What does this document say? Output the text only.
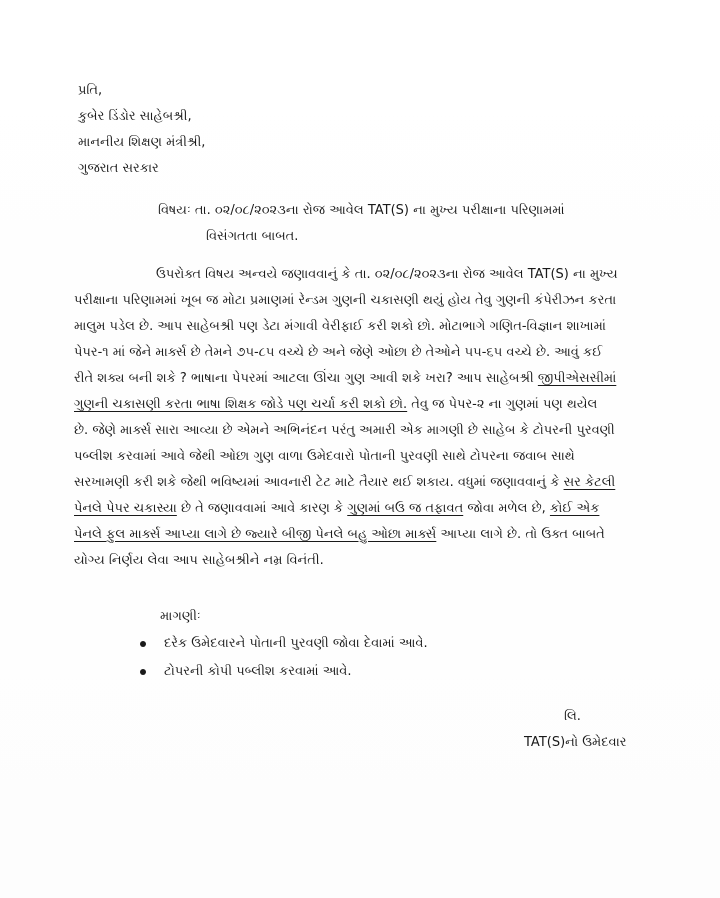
પ્રતિ,
કુબેર ડિંડોર સાહેબશ્રી,
માનનીય શિક્ષણ મંત્રીશ્રી,
ગુજરાત સરકાર
વિષયઃ તા. ૦૨/૦૮/૨૦૨૩ના રોજ આવેલ TAT(S) ના મુખ્ય પરીક્ષાના પરિણામમાં
વિસંગતતા બાબત.
ઉપરોક્ત વિષય અન્વયે જણાવવાનું કે તા. ૦૨/૦૮/૨૦૨૩ના રોજ આવેલ TAT(S) ના મુખ્ય
પરીક્ષાના પરિણામમાં ખૂબ જ મોટા પ્રમાણમાં રેન્ડમ ગુણની ચકાસણી થયું હોય તેવુ ગુણની કંપેરીઝન કરતા
માલુમ પડેલ છે. આપ સાહેબશ્રી પણ ડેટા મંગાવી વેરીફાઈ કરી શકો છો. મોટાભાગે ગણિત-વિજ્ઞાન શાખામાં
પેપર-૧ માં જેને માર્ક્સ છે તેમને ૭૫-૮૫ વચ્ચે છે અને જેણે ઓછા છે તેઓને ૫૫-૬૫ વચ્ચે છે. આવું કઈ
રીતે શક્ય બની શકે ? ભાષાના પેપરમાં આટલા ઊંચા ગુણ આવી શકે ખરા? આપ સાહેબશ્રી જીપીએસસીમાં
ગુણની ચકાસણી કરતા ભાષા શિક્ષક જોડે પણ ચર્ચા કરી શકો છો. તેવુ જ પેપર-૨ ના ગુણમાં પણ થયેલ
છે. જેણે માર્ક્સ સારા આવ્યા છે એમને અભિનંદન પરંતુ અમારી એક માગણી છે સાહેબ કે ટોપરની પુરવણી
પબ્લીશ કરવામાં આવે જેથી ઓછા ગુણ વાળા ઉમેદવારો પોતાની પુરવણી સાથે ટોપરના જવાબ સાથે
સરખામણી કરી શકે જેથી ભવિષ્યમાં આવનારી ટેટ માટે તૈયાર થઈ શકાય. વધુમાં જણાવવાનું કે સર કેટલી
પેનલે પેપર ચકાસ્યા છે તે જણાવવામાં આવે કારણ કે ગુણમાં બઉ જ તફાવત જોવા મળેલ છે, કોઈ એક
પેનલે ફુલ માર્ક્સ આપ્યા લાગે છે જ્યારે બીજી પેનલે બહુ ઓછા માર્ક્સ આપ્યા લાગે છે. તો ઉક્ત બાબતે
યોગ્ય નિર્ણય લેવા આપ સાહેબશ્રીને નમ્ર વિનંતી.
માગણીઃ
દરેક ઉમેદવારને પોતાની પુરવણી જોવા દેવામાં આવે.
ટોપરની કોપી પબ્લીશ કરવામાં આવે.
લિ.
TAT(S)નો ઉમેદવાર
